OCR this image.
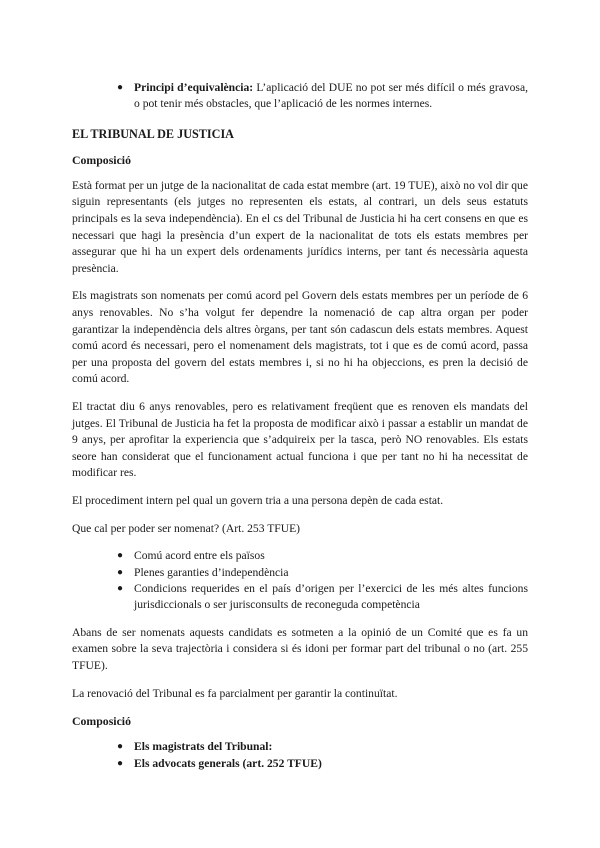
● Principi d’equivalència: L’aplicació del DUE no pot ser més difícil o més gravosa, o pot tenir més obstacles, que l’aplicació de les normes internes.
EL TRIBUNAL DE JUSTICIA
Composició

Està format per un jutge de la nacionalitat de cada estat membre (art. 19 TUE), això no vol dir que siguin representants (els jutges no representen els estats, al contrari, un dels seus estatuts principals es la seva independència). En el cs del Tribunal de Justicia hi ha cert consens en que es necessari que hagi la presència d’un expert de la nacionalitat de tots els estats membres per assegurar que hi ha un expert dels ordenaments jurídics interns, per tant és necessària aquesta presència.

Els magistrats son nomenats per comú acord pel Govern dels estats membres per un període de 6 anys renovables. No s’ha volgut fer dependre la nomenació de cap altra organ per poder garantizar la independència dels altres òrgans, per tant són cadascun dels estats membres. Aquest comú acord és necessari, pero el nomenament dels magistrats, tot i que es de comú acord, passa per una proposta del govern del estats membres i, si no hi ha objeccions, es pren la decisió de comú acord.

El tractat diu 6 anys renovables, pero es relativament freqüent que es renoven els mandats del jutges. El Tribunal de Justicia ha fet la proposta de modificar això i passar a establir un mandat de 9 anys, per aprofitar la experiencia que s’adquireix per la tasca, però NO renovables. Els estats seore han considerat que el funcionament actual funciona i que per tant no hi ha necessitat de modificar res.

El procediment intern pel qual un govern tria a una persona depèn de cada estat.

Que cal per poder ser nomenat? (Art. 253 TFUE)

● Comú acord entre els països
● Plenes garanties d’independència
● Condicions requerides en el país d’origen per l’exercici de les més altes funcions jurisdiccionals o ser jurisconsults de reconeguda competència

Abans de ser nomenats aquests candidats es sotmeten a la opinió de un Comité que es fa un examen sobre la seva trajectòria i considera si és idoni per formar part del tribunal o no (art. 255 TFUE).

La renovació del Tribunal es fa parcialment per garantir la continuïtat.

Composició
● Els magistrats del Tribunal:
● Els advocats generals (art. 252 TFUE)
